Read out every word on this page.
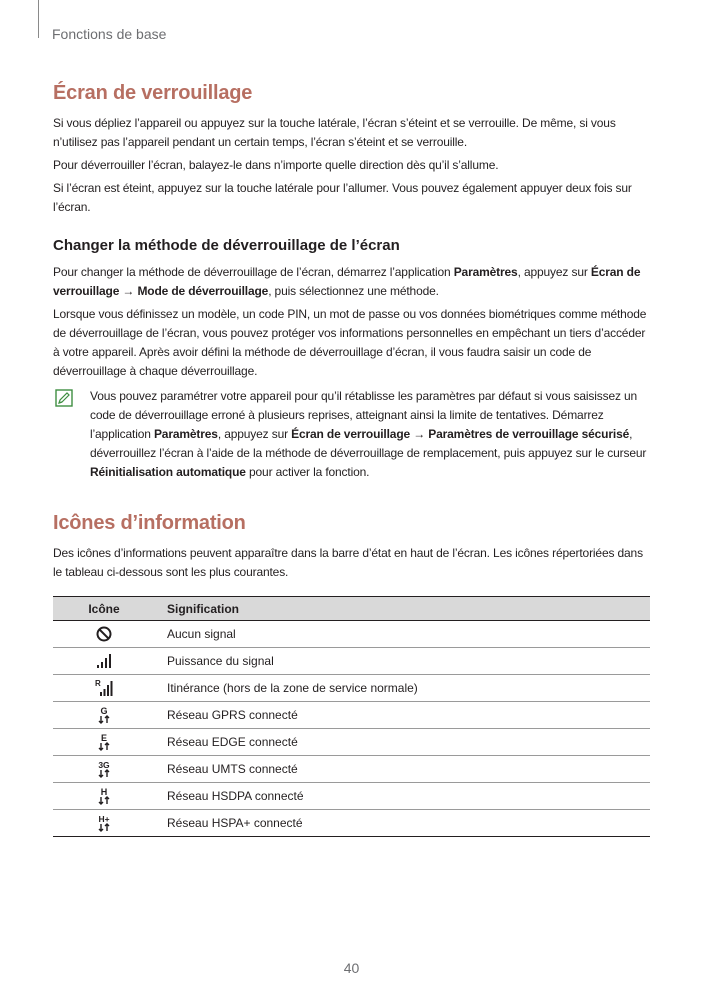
Fonctions de base
Écran de verrouillage

Si vous dépliez l’appareil ou appuyez sur la touche latérale, l’écran s’éteint et se verrouille. De même, si vous n’utilisez pas l’appareil pendant un certain temps, l’écran s’éteint et se verrouille.

Pour déverrouiller l’écran, balayez-le dans n’importe quelle direction dès qu’il s’allume.

Si l’écran est éteint, appuyez sur la touche latérale pour l’allumer. Vous pouvez également appuyer deux fois sur l’écran.

Changer la méthode de déverrouillage de l’écran

Pour changer la méthode de déverrouillage de l’écran, démarrez l’application Paramètres, appuyez sur Écran de verrouillage → Mode de déverrouillage, puis sélectionnez une méthode.

Lorsque vous définissez un modèle, un code PIN, un mot de passe ou vos données biométriques comme méthode de déverrouillage de l’écran, vous pouvez protéger vos informations personnelles en empêchant un tiers d’accéder à votre appareil. Après avoir défini la méthode de déverrouillage d’écran, il vous faudra saisir un code de déverrouillage à chaque déverrouillage.

Vous pouvez paramétrer votre appareil pour qu’il rétablisse les paramètres par défaut si vous saisissez un code de déverrouillage erroné à plusieurs reprises, atteignant ainsi la limite de tentatives. Démarrez l’application Paramètres, appuyez sur Écran de verrouillage → Paramètres de verrouillage sécurisé, déverrouillez l’écran à l’aide de la méthode de déverrouillage de remplacement, puis appuyez sur le curseur Réinitialisation automatique pour activer la fonction.

Icônes d’information

Des icônes d’informations peuvent apparaître dans la barre d’état en haut de l’écran. Les icônes répertoriées dans le tableau ci-dessous sont les plus courantes.

Icône	Signification
	Aucun signal
	Puissance du signal

R	Itinérance (hors de la zone de service normale)

G	Réseau GPRS connecté

E	Réseau EDGE connecté

3G	Réseau UMTS connecté

H	Réseau HSDPA connecté

H+	Réseau HSPA+ connecté
40
